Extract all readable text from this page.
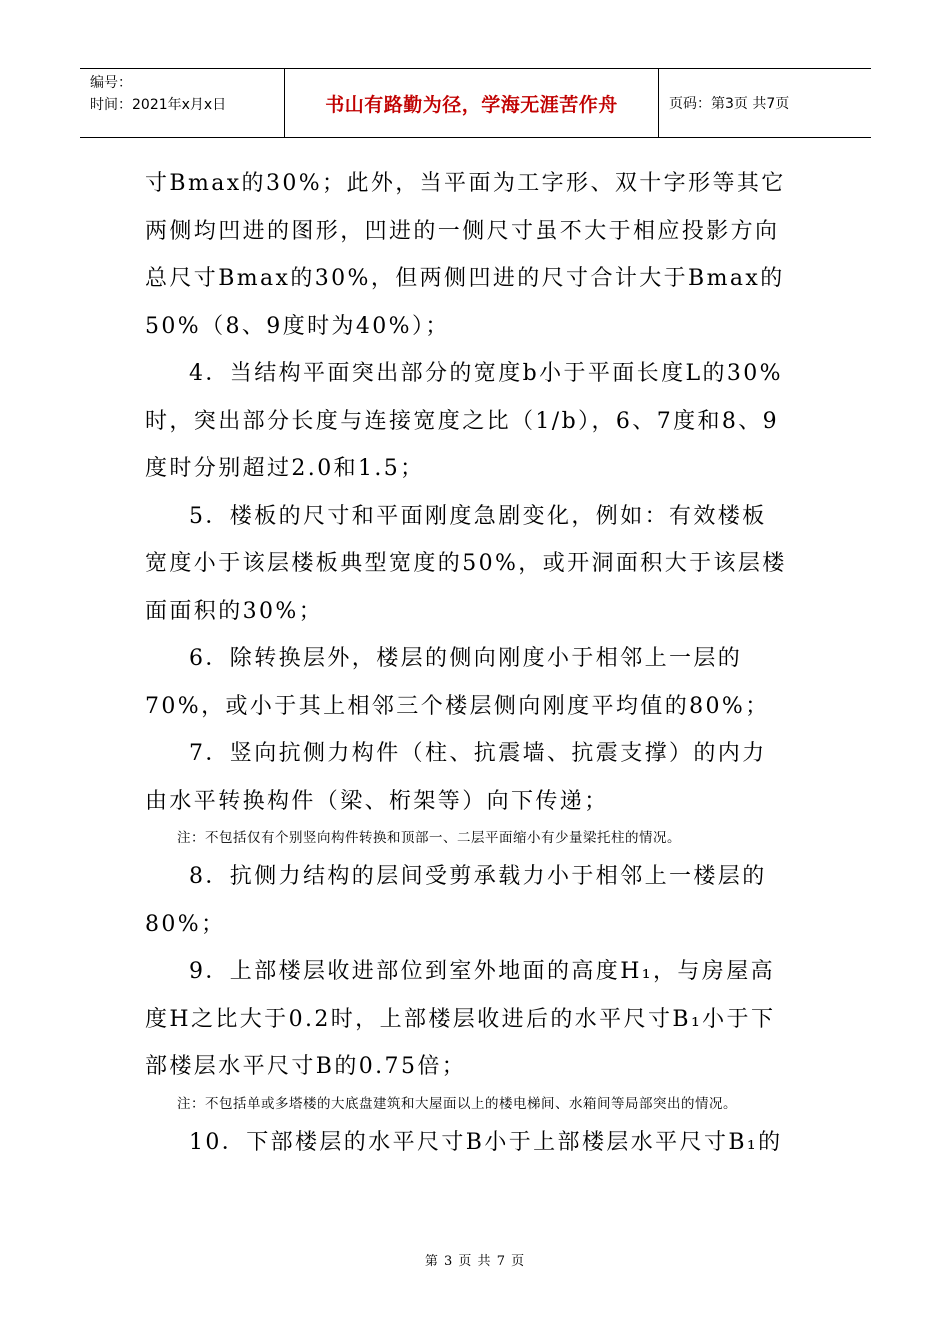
编号：
时间：2021年x月x日	书山有路勤为径，学海无涯苦作舟	页码：第3页 共7页

寸Bmax的30%；此外，当平面为工字形、双十字形等其它

两侧均凹进的图形，凹进的一侧尺寸虽不大于相应投影方向

总尺寸Bmax的30%，但两侧凹进的尺寸合计大于Bmax的

50%（8、9度时为40%）；

4．当结构平面突出部分的宽度b小于平面长度L的30%

时，突出部分长度与连接宽度之比（1/b），6、7度和8、9

度时分别超过2.0和1.5；

5．楼板的尺寸和平面刚度急剧变化，例如：有效楼板

宽度小于该层楼板典型宽度的50%，或开洞面积大于该层楼

面面积的30%；

6．除转换层外，楼层的侧向刚度小于相邻上一层的

70%，或小于其上相邻三个楼层侧向刚度平均值的80%；

7．竖向抗侧力构件（柱、抗震墙、抗震支撑）的内力

由水平转换构件（梁、桁架等）向下传递；

注：不包括仅有个别竖向构件转换和顶部一、二层平面缩小有少量梁托柱的情况。

8．抗侧力结构的层间受剪承载力小于相邻上一楼层的

80%；

9．上部楼层收进部位到室外地面的高度H₁，与房屋高

度H之比大于0.2时，上部楼层收进后的水平尺寸B₁小于下

部楼层水平尺寸B的0.75倍；

注：不包括单或多塔楼的大底盘建筑和大屋面以上的楼电梯间、水箱间等局部突出的情况。

10．下部楼层的水平尺寸B小于上部楼层水平尺寸B₁的

第 3 页 共 7 页
